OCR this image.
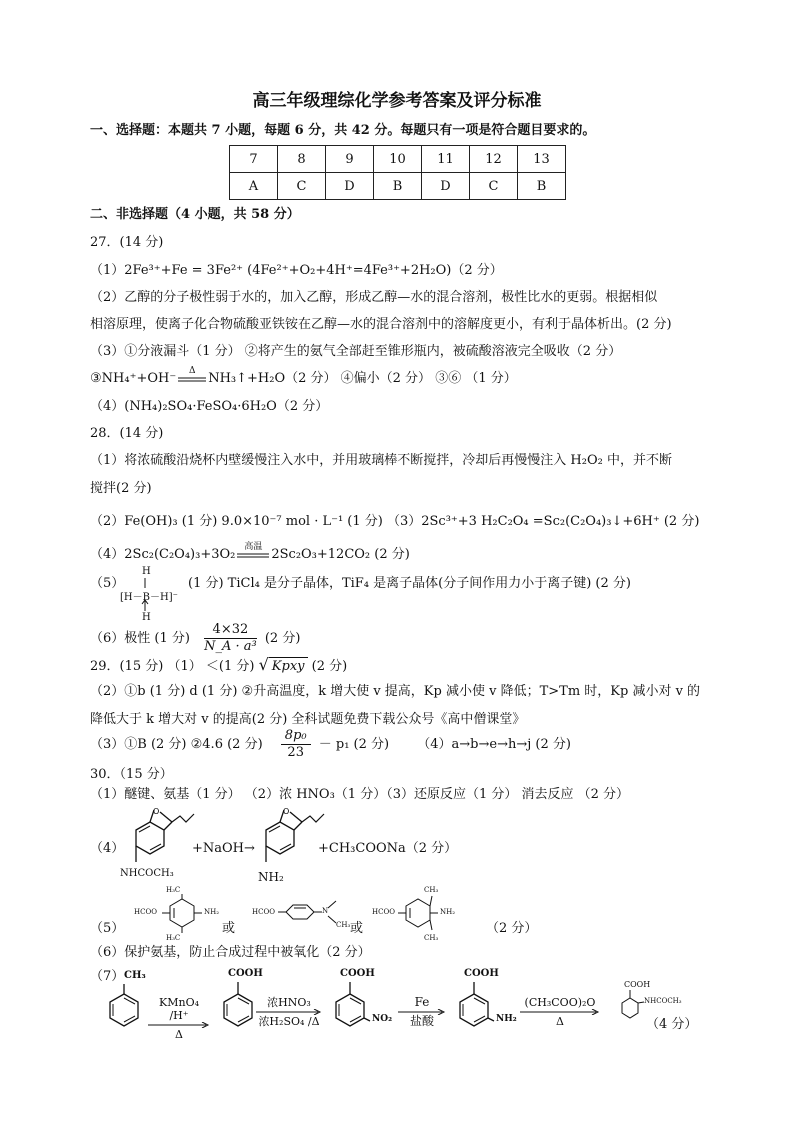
高三年级理综化学参考答案及评分标准
一、选择题：本题共 7 小题，每题 6 分，共 42 分。每题只有一项是符合题目要求的。
7	8	9	10	11	12	13
A	C	D	B	D	C	B
二、非选择题（4 小题，共 58 分）
27．(14 分)
（1）2Fe³⁺+Fe = 3Fe²⁺ (4Fe²⁺+O₂+4H⁺=4Fe³⁺+2H₂O)（2 分）
（2）乙醇的分子极性弱于水的，加入乙醇，形成乙醇—水的混合溶剂，极性比水的更弱。根据相似
相溶原理，使离子化合物硫酸亚铁铵在乙醇—水的混合溶剂中的溶解度更小，有利于晶体析出。(2 分)
（3）①分液漏斗（1 分） ②将产生的氨气全部赶至锥形瓶内，被硫酸溶液完全吸收（2 分）
③NH₄⁺+OH⁻	Δ NH₃↑+H₂O（2 分） ④偏小（2 分） ③⑥ （1 分）
（4）(NH₄)₂SO₄·FeSO₄·6H₂O（2 分）
28．(14 分)
（1）将浓硫酸沿烧杯内壁缓慢注入水中，并用玻璃棒不断搅拌，冷却后再慢慢注入 H₂O₂ 中，并不断
搅拌(2 分)
（2）Fe(OH)₃ (1 分) 9.0×10⁻⁷ mol · L⁻¹ (1 分) （3）2Sc³⁺+3 H₂C₂O₄ =Sc₂(C₂O₄)₃↓+6H⁺ (2 分)
（4）2Sc₂(C₂O₄)₃+3O₂ 高温 2Sc₂O₃+12CO₂ (2 分)
（5）
H
[H－B－H]⁻
H
(1 分) TiCl₄ 是分子晶体，TiF₄ 是离子晶体(分子间作用力小于离子键) (2 分)
（6）极性 (1 分) $\frac{4\times 32}{\text{N\_A · a³}} (2$ 分)
29．(15 分) （1） ＜(1 分) √ Kpxy (2 分)
（2）①b (1 分) d (1 分) ②升高温度，k 增大使 v 提高，Kp 减小使 v 降低；T>Tm 时，Kp 减小对 v 的
降低大于 k 增大对 v 的提高(2 分) 全科试题免费下载公众号《高中僧课堂》
（3）①B (2 分) ②4.6 (2 分) $\frac{\text{8p₀}}{23} - p_1$ (2 分) （4）a→b→e→h→j (2 分)
30．（15 分）
（1）醚键、氨基（1 分） （2）浓 HNO₃（1 分）（3）还原反应（1 分） 消去反应 （2 分）
（4）
O
NHCOCH₃
+NaOH→
O
NH₂
+CH₃COONa（2 分）
（5）
H₃C
HCOO	NH₂
H₃C
或
HCOO	N
CH₃ 或
CH₃
HCOO	NH₂
CH₃
（2 分）
（6）保护氨基，防止合成过程中被氧化（2 分）
（7） CH₃
KMnO₄ /H⁺
Δ
COOH
浓HNO₃
浓H₂SO₄ /Δ
COOH
NO₂
Fe
盐酸
COOH
NH₂
(CH₃COO)₂O
Δ
COOH
NHCOCH₃
（4 分）
